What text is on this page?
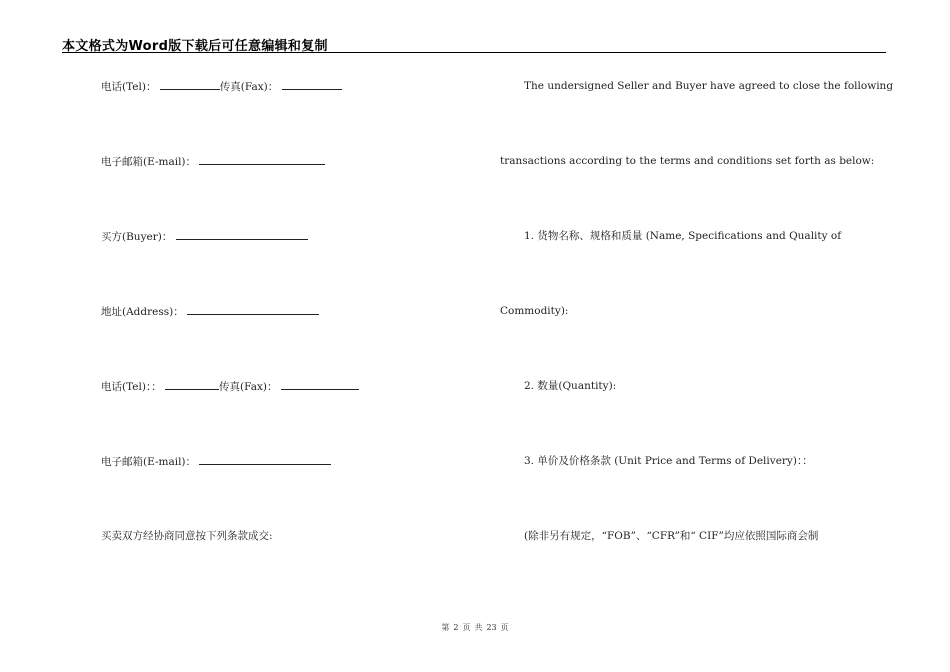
本文格式为Word版下载后可任意编辑和复制
电话(Tel)：	传真(Fax)：
电子邮箱(E-mail)：
买方(Buyer)：
地址(Address)：
电话(Tel)：：	传真(Fax)：
电子邮箱(E-mail)：
买卖双方经协商同意按下列条款成交:
The undersigned Seller and Buyer have agreed to close the following
transactions according to the terms and conditions set forth as below:
1. 货物名称、规格和质量 (Name, Specifications and Quality of
Commodity):
2. 数量(Quantity):
3. 单价及价格条款 (Unit Price and Terms of Delivery)：：
(除非另有规定，“FOB”、“CFR”和“ CIF”均应依照国际商会制
第 2 页 共 23 页
